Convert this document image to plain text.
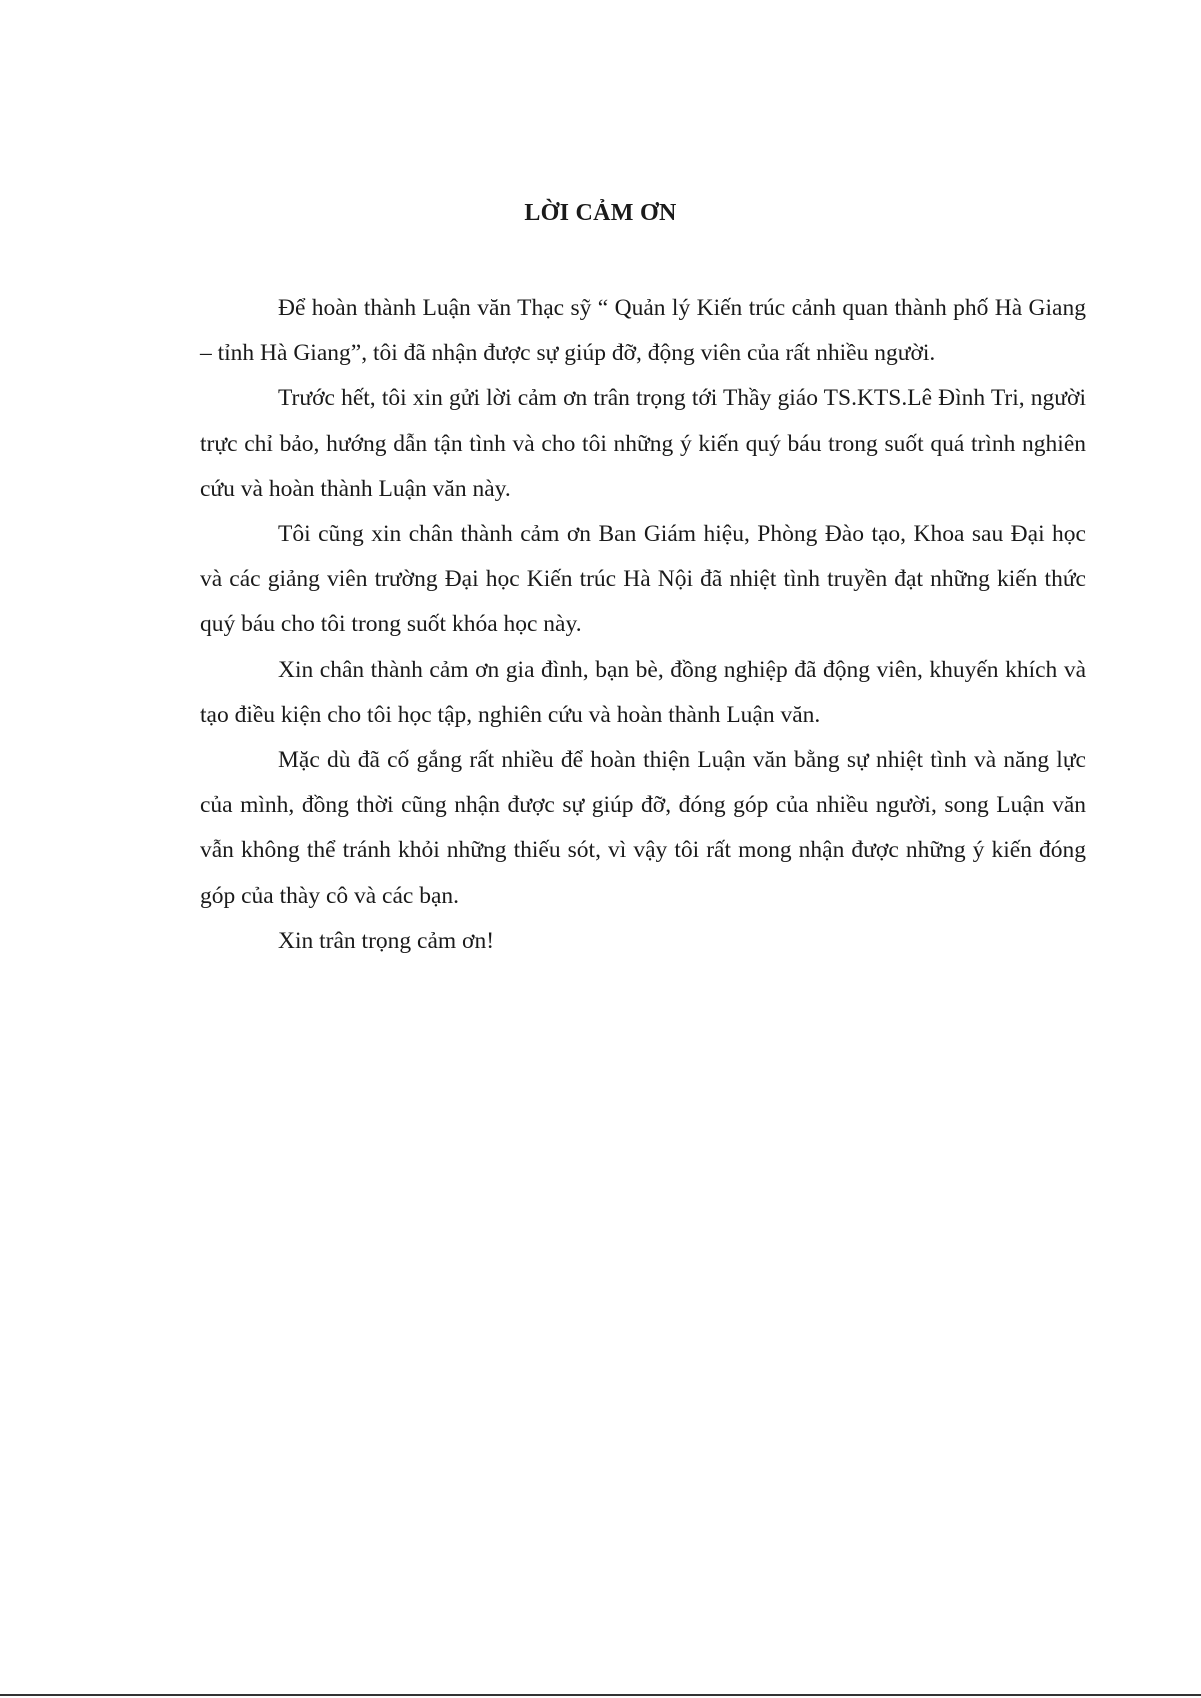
LỜI CẢM ƠN

Để hoàn thành Luận văn Thạc sỹ “ Quản lý Kiến trúc cảnh quan thành phố Hà Giang – tỉnh Hà Giang”, tôi đã nhận được sự giúp đỡ, động viên của rất nhiều người.

Trước hết, tôi xin gửi lời cảm ơn trân trọng tới Thầy giáo TS.KTS.Lê Đình Tri, người trực chỉ bảo, hướng dẫn tận tình và cho tôi những ý kiến quý báu trong suốt quá trình nghiên cứu và hoàn thành Luận văn này.

Tôi cũng xin chân thành cảm ơn Ban Giám hiệu, Phòng Đào tạo, Khoa sau Đại học và các giảng viên trường Đại học Kiến trúc Hà Nội đã nhiệt tình truyền đạt những kiến thức quý báu cho tôi trong suốt khóa học này.

Xin chân thành cảm ơn gia đình, bạn bè, đồng nghiệp đã động viên, khuyến khích và tạo điều kiện cho tôi học tập, nghiên cứu và hoàn thành Luận văn.

Mặc dù đã cố gắng rất nhiều để hoàn thiện Luận văn bằng sự nhiệt tình và năng lực của mình, đồng thời cũng nhận được sự giúp đỡ, đóng góp của nhiều người, song Luận văn vẫn không thể tránh khỏi những thiếu sót, vì vậy tôi rất mong nhận được những ý kiến đóng góp của thày cô và các bạn.

Xin trân trọng cảm ơn!
